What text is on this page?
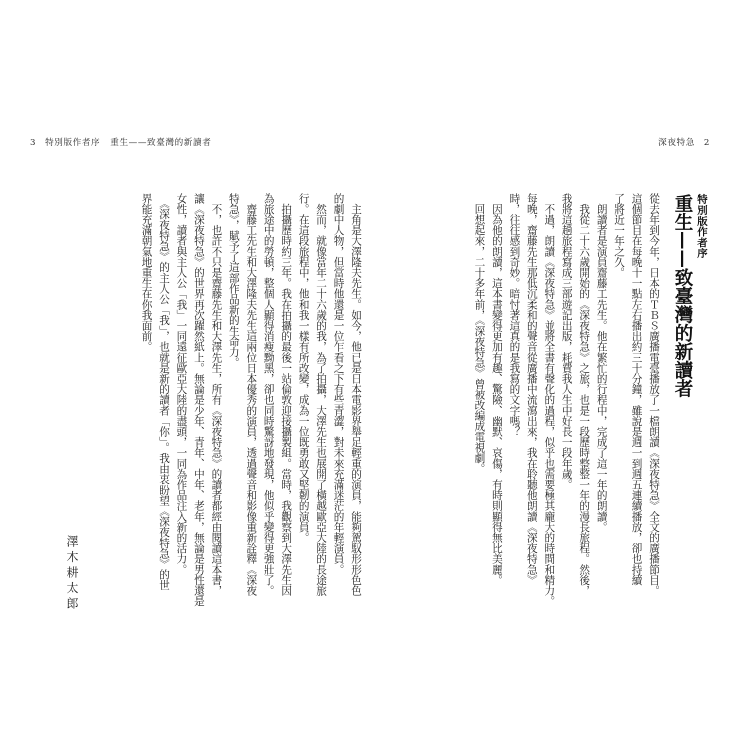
3 特別版作者序 重生——致臺灣的新讀者	深夜特急 2
特別版作者序
重生——致臺灣的新讀者
從去年到今年，日本的ＴＢＳ廣播電臺播放了一檔朗讀《深夜特急》全文的廣播節目。
這個節目在每晚十一點左右播出約三十分鐘，雖說是週一到週五連續播放，卻也持續
了將近一年之久。
　朗讀者是演員齋藤工先生。他在繁忙的行程中，完成了這一年的朗讀。
　我從二十六歲開始的《深夜特急》之旅，也是一段歷時整整一年的漫長旅程。然後，
我將這趟旅程寫成三部遊記出版，耗費我人生中好長一段年歲。
　不過，朗讀《深夜特急》並將全書有聲化的過程，似乎也需要極其龐大的時間和精力。
每晚，齋藤先生那低沉柔和的聲音從廣播中流瀉出來，我在聆聽他朗讀《深夜特急》
時，往往感到奇妙。暗忖著這真的是我寫的文字嗎？
　因為他的朗讀，這本書變得更加有趣、驚險、幽默、哀傷，有時則顯得無比美麗。
　回想起來，二十多年前，《深夜特急》曾被改編成電視劇。
　主角是大澤隆夫先生。如今，他已是日本電影界舉足輕重的演員，能夠駕馭形形色色
的劇中人物，但當時他還是一位乍看之下有些青澀，對未來充滿迷茫的年輕演員。
　然而，就像當年二十六歲的我，為了拍攝，大澤先生也展開了橫越歐亞大陸的長途旅
行。在這段旅程中，他和我一樣有所改變，成為一位既勇敢又堅韌的演員。
　拍攝歷時約三年。我在拍攝的最後一站倫敦迎接攝製組。當時，我觀察到大澤先生因
為旅途中的勞頓，整個人顯得消瘦黝黑，卻也同時驚訝地發現，他似乎變得更強壯了。
　齋藤工先生和大澤隆夫先生這兩位日本優秀的演員，透過聲音和影像重新詮釋《深夜
特急》，賦予了這部作品新的生命力。
　不，也許不只是齋藤先生和大澤先生，所有《深夜特急》的讀者都經由閱讀這本書，
讓《深夜特急》的世界再次躍然紙上。無論是少年、青年、中年、老年，無論是男性還是
女性，讀者與主人公「我」一同遠征歐亞大陸的盡頭，一同為作品注入新的活力。
　《深夜特急》的主人公「我」，也就是新的讀者「你」。我由衷盼望《深夜特急》的世
界能充滿朝氣地重生在你我面前。
澤木耕太郎
